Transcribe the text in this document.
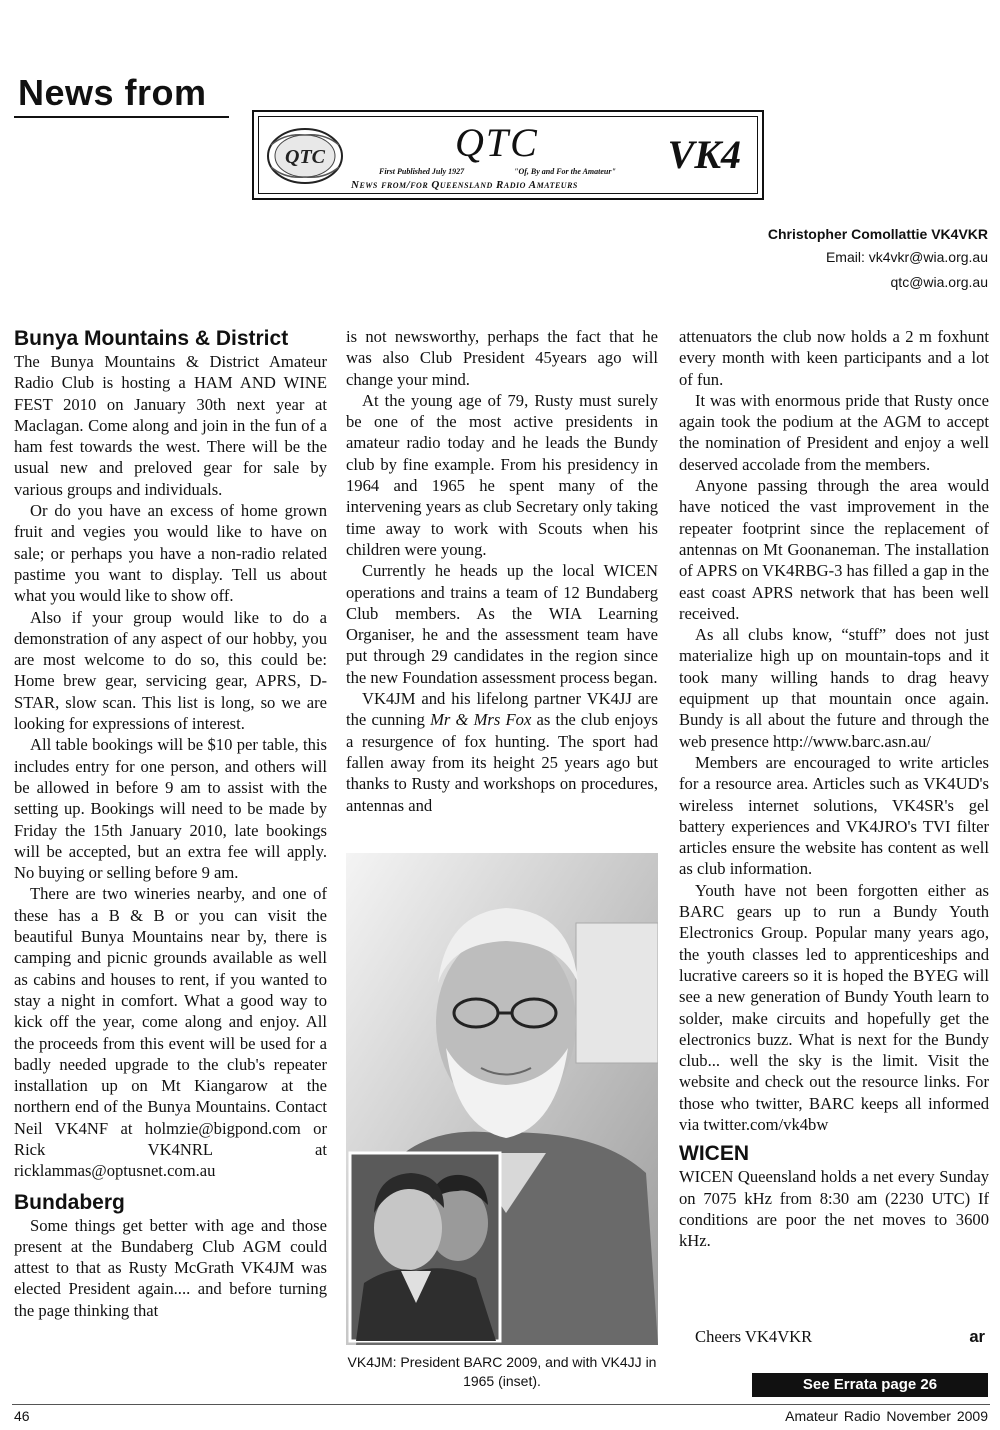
News from
QTC	QTC
First Published July 1927	"Of, By and For the Amateur"
News from/for Queensland Radio Amateurs
VK4
Christopher Comollattie VK4VKR
Email: vk4vkr@wia.org.au
qtc@wia.org.au
Bunya Mountains & District

The Bunya Mountains & District Amateur Radio Club is hosting a HAM AND WINE FEST 2010 on January 30th next year at Maclagan. Come along and join in the fun of a ham fest towards the west. There will be the usual new and preloved gear for sale by various groups and individuals.

Or do you have an excess of home grown fruit and vegies you would like to have on sale; or perhaps you have a non-radio related pastime you want to display. Tell us about what you would like to show off.

Also if your group would like to do a demonstration of any aspect of our hobby, you are most welcome to do so, this could be: Home brew gear, servicing gear, APRS, D-STAR, slow scan. This list is long, so we are looking for expressions of interest.

All table bookings will be $10 per table, this includes entry for one person, and others will be allowed in before 9 am to assist with the setting up. Bookings will need to be made by Friday the 15th January 2010, late bookings will be accepted, but an extra fee will apply. No buying or selling before 9 am.

There are two wineries nearby, and one of these has a B & B or you can visit the beautiful Bunya Mountains near by, there is camping and picnic grounds available as well as cabins and houses to rent, if you wanted to stay a night in comfort. What a good way to kick off the year, come along and enjoy. All the proceeds from this event will be used for a badly needed upgrade to the club's repeater installation up on Mt Kiangarow at the northern end of the Bunya Mountains. Contact Neil VK4NF at holmzie@bigpond.com or Rick VK4NRL at ricklammas@optusnet.com.au

Bundaberg

Some things get better with age and those present at the Bundaberg Club AGM could attest to that as Rusty McGrath VK4JM was elected President again.... and before turning the page thinking that

is not newsworthy, perhaps the fact that he was also Club President 45years ago will change your mind.

At the young age of 79, Rusty must surely be one of the most active presidents in amateur radio today and he leads the Bundy club by fine example. From his presidency in 1964 and 1965 he spent many of the intervening years as club Secretary only taking time away to work with Scouts when his children were young.

Currently he heads up the local WICEN operations and trains a team of 12 Bundaberg Club members. As the WIA Learning Organiser, he and the assessment team have put through 29 candidates in the region since the new Foundation assessment process began.

VK4JM and his lifelong partner VK4JJ are the cunning Mr & Mrs Fox as the club enjoys a resurgence of fox hunting. The sport had fallen away from its height 25 years ago but thanks to Rusty and workshops on procedures, antennas and

VK4JM: President BARC 2009, and with VK4JJ in 1965 (inset).

attenuators the club now holds a 2 m foxhunt every month with keen participants and a lot of fun.

It was with enormous pride that Rusty once again took the podium at the AGM to accept the nomination of President and enjoy a well deserved accolade from the members.

Anyone passing through the area would have noticed the vast improvement in the repeater footprint since the replacement of antennas on Mt Goonaneman. The installation of APRS on VK4RBG-3 has filled a gap in the east coast APRS network that has been well received.

As all clubs know, “stuff” does not just materialize high up on mountain-tops and it took many willing hands to drag heavy equipment up that mountain once again. Bundy is all about the future and through the web presence http://www.barc.asn.au/

Members are encouraged to write articles for a resource area. Articles such as VK4UD's wireless internet solutions, VK4SR's gel battery experiences and VK4JRO's TVI filter articles ensure the website has content as well as club information.

Youth have not been forgotten either as BARC gears up to run a Bundy Youth Electronics Group. Popular many years ago, the youth classes led to apprenticeships and lucrative careers so it is hoped the BYEG will see a new generation of Bundy Youth learn to solder, make circuits and hopefully get the electronics buzz. What is next for the Bundy club... well the sky is the limit. Visit the website and check out the resource links. For those who twitter, BARC keeps all informed via twitter.com/vk4bw

WICEN

WICEN Queensland holds a net every Sunday on 7075 kHz from 8:30 am (2230 UTC) If conditions are poor the net moves to 3600 kHz.

Cheers VK4VKR	ar
See Errata page 26
46	Amateur Radio November 2009
